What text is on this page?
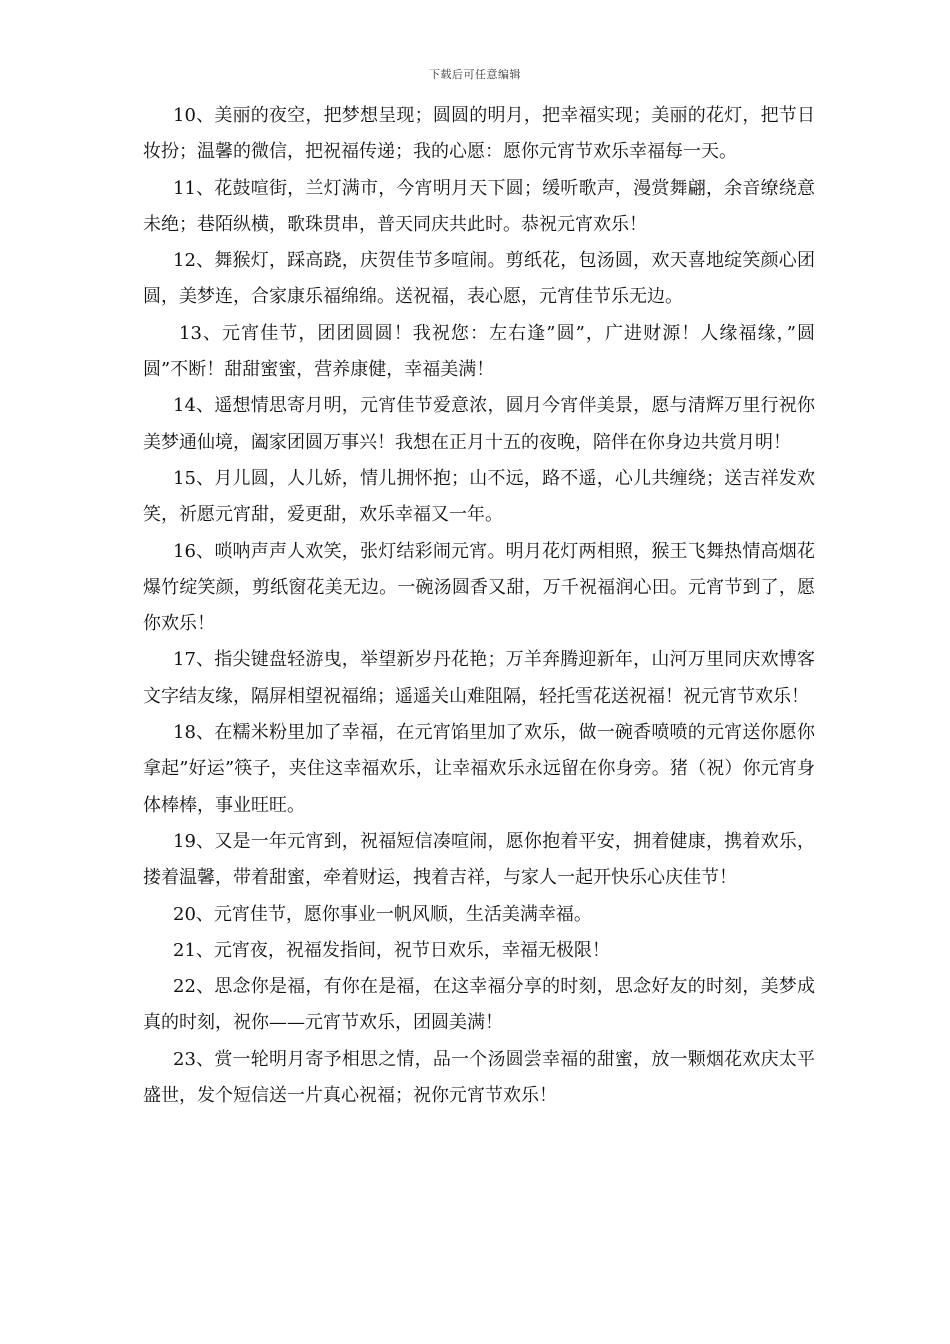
下载后可任意编辑

10、美丽的夜空，把梦想呈现；圆圆的明月，把幸福实现；美丽的花灯，把节日妆扮；温馨的微信，把祝福传递；我的心愿：愿你元宵节欢乐幸福每一天。

11、花鼓喧街，兰灯满市，今宵明月天下圆；缓听歌声，漫赏舞翩，余音缭绕意未绝；巷陌纵横，歌珠贯串，普天同庆共此时。恭祝元宵欢乐！

12、舞猴灯，踩高跷，庆贺佳节多喧闹。剪纸花，包汤圆，欢天喜地绽笑颜心团圆，美梦连，合家康乐福绵绵。送祝福，表心愿，元宵佳节乐无边。

13、元宵佳节，团团圆圆！我祝您：左右逢”圆”，广进财源！人缘福缘，”圆圆”不断！甜甜蜜蜜，营养康健，幸福美满！

14、遥想情思寄月明，元宵佳节爱意浓，圆月今宵伴美景，愿与清辉万里行祝你美梦通仙境，阖家团圆万事兴！我想在正月十五的夜晚，陪伴在你身边共赏月明！

15、月儿圆，人儿娇，情儿拥怀抱；山不远，路不遥，心儿共缠绕；送吉祥发欢笑，祈愿元宵甜，爱更甜，欢乐幸福又一年。

16、唢呐声声人欢笑，张灯结彩闹元宵。明月花灯两相照，猴王飞舞热情高烟花爆竹绽笑颜，剪纸窗花美无边。一碗汤圆香又甜，万千祝福润心田。元宵节到了，愿你欢乐！

17、指尖键盘轻游曳，举望新岁丹花艳；万羊奔腾迎新年，山河万里同庆欢博客文字结友缘，隔屏相望祝福绵；遥遥关山难阻隔，轻托雪花送祝福！祝元宵节欢乐！

18、在糯米粉里加了幸福，在元宵馅里加了欢乐，做一碗香喷喷的元宵送你愿你拿起”好运”筷子，夹住这幸福欢乐，让幸福欢乐永远留在你身旁。猪（祝）你元宵身体棒棒，事业旺旺。

19、又是一年元宵到，祝福短信凑喧闹，愿你抱着平安，拥着健康，携着欢乐，搂着温馨，带着甜蜜，牵着财运，拽着吉祥，与家人一起开快乐心庆佳节！

20、元宵佳节，愿你事业一帆风顺，生活美满幸福。

21、元宵夜，祝福发指间，祝节日欢乐，幸福无极限！

22、思念你是福，有你在是福，在这幸福分享的时刻，思念好友的时刻，美梦成真的时刻，祝你——元宵节欢乐，团圆美满！

23、赏一轮明月寄予相思之情，品一个汤圆尝幸福的甜蜜，放一颗烟花欢庆太平盛世，发个短信送一片真心祝福；祝你元宵节欢乐！
